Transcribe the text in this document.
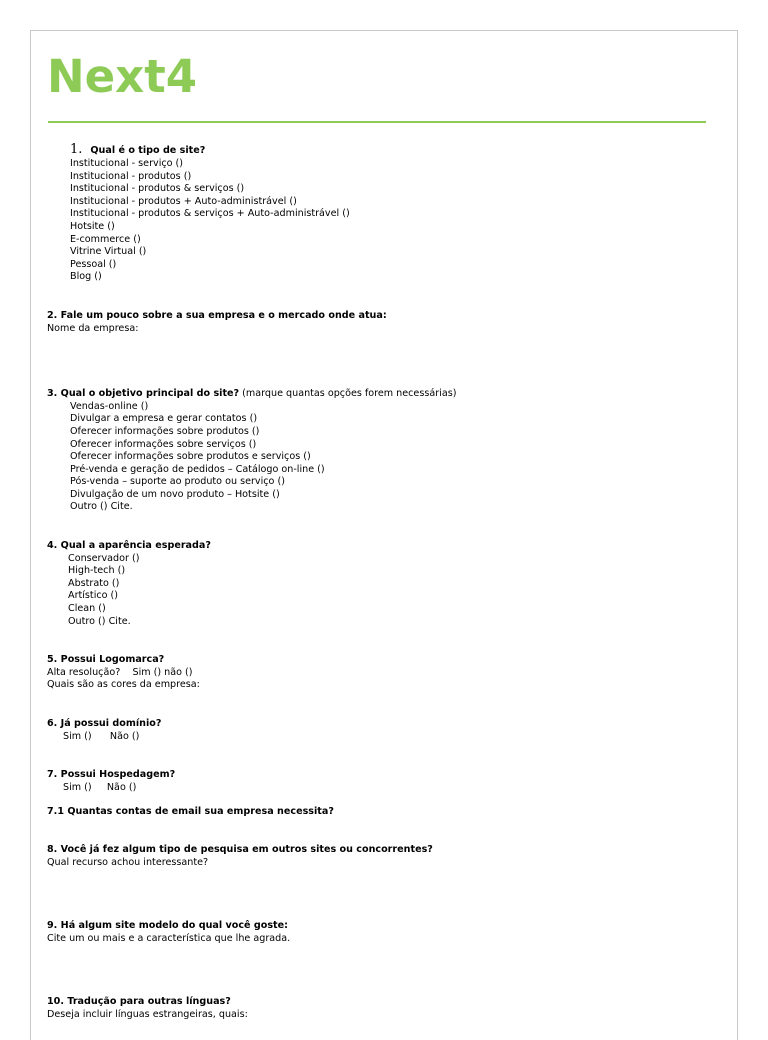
Next4
1. Qual é o tipo de site?
Institucional - serviço ()
Institucional - produtos ()
Institucional - produtos & serviços ()
Institucional - produtos + Auto-administrável ()
Institucional - produtos & serviços + Auto-administrável ()
Hotsite ()
E-commerce ()
Vitrine Virtual ()
Pessoal ()
Blog ()
2. Fale um pouco sobre a sua empresa e o mercado onde atua:
Nome da empresa:
3. Qual o objetivo principal do site? (marque quantas opções forem necessárias)
Vendas-online ()
Divulgar a empresa e gerar contatos ()
Oferecer informações sobre produtos ()
Oferecer informações sobre serviços ()
Oferecer informações sobre produtos e serviços ()
Pré-venda e geração de pedidos – Catálogo on-line ()
Pós-venda – suporte ao produto ou serviço ()
Divulgação de um novo produto – Hotsite ()
Outro () Cite.
4. Qual a aparência esperada?
Conservador ()
High-tech ()
Abstrato ()
Artístico ()
Clean ()
Outro () Cite.
5. Possui Logomarca?
Alta resolução?    Sim () não ()
Quais são as cores da empresa:
6. Já possui domínio?
Sim ()      Não ()
7. Possui Hospedagem?
Sim ()     Não ()
7.1 Quantas contas de email sua empresa necessita?
8. Você já fez algum tipo de pesquisa em outros sites ou concorrentes?
Qual recurso achou interessante?
9. Há algum site modelo do qual você goste:
Cite um ou mais e a característica que lhe agrada.
10. Tradução para outras línguas?
Deseja incluir línguas estrangeiras, quais:
